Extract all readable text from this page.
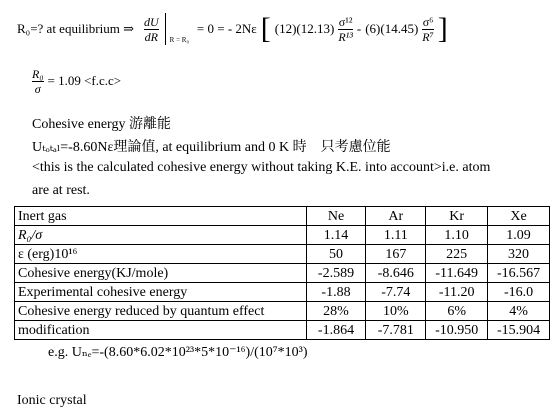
R₀=? at equilibrium ⇒ $\frac{dU}{dR}$ R = R₀
= 0 = - 2Nε [ $(12)(12.13) \frac{\text{σ¹²}}{\text{R¹³}} - (6)(14.45) \frac{\text{σ⁶}}{\text{R⁷}}$ ]
$\frac{\text{R₀}}{\sigma} = 1.09 <f.c.c>$
Cohesive energy 游離能
Uₜₒₜₐₗ=-8.60Nε理論值, at equilibrium and 0 K 時　只考慮位能
<this is the calculated cohesive energy without taking K.E. into account>i.e. atom
are at rest.
Inert gas	Ne	Ar	Kr	Xe
R₀/σ	1.14	1.11	1.10	1.09
ε (erg)10¹⁶	50	167	225	320
Cohesive energy(KJ/mole)	-2.589	-8.646	-11.649	-16.567
Experimental cohesive energy	-1.88	-7.74	-11.20	-16.0
Cohesive energy reduced by quantum effect	28%	10%	6%	4%
modification	-1.864	-7.781	-10.950	-15.904
e.g. Uₙₑ=-(8.60*6.02*10²³*5*10⁻¹⁶)/(10⁷*10³)
Ionic crystal
